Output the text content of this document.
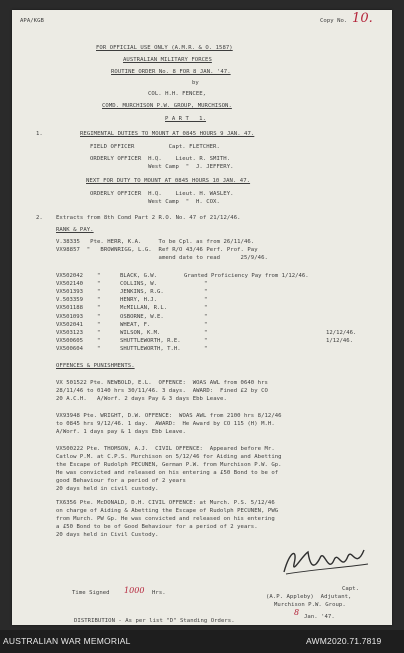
APA/KGB	Copy No. 10.
FOR OFFICIAL USE ONLY (A.M.R. & O. 1587)
AUSTRALIAN MILITARY FORCES
ROUTINE ORDER No. 8 FOR 8 JAN. '47.
by
COL. H.H. FENCEE,
COMD. MURCHISON P.W. GROUP, MURCHISON.
P A R T   1.
1.	REGIMENTAL DUTIES TO MOUNT AT 0845 HOURS 9 JAN. 47.
FIELD OFFICER          Capt. FLETCHER.
ORDERLY OFFICER  H.Q.    Lieut. R. SMITH.
West Camp  "  J. JEFFERY.
NEXT FOR DUTY TO MOUNT AT 0845 HOURS 10 JAN. 47.
ORDERLY OFFICER  H.Q.    Lieut. H. WASLEY.
West Camp  "  H. COX.
2. Extracts from 8th Comd Part 2 R.O. No. 47 of 21/12/46.
RANK & PAY.
V.38335   Pte. HERR, K.A.     To be Cpl. as from 26/11/46.
VX98857  "   BROWNRIGG, L.G.  Ref R/O 43/46 Perf. Prof. Pay
amend date to read      25/9/46.
VX502042	"	BLACK, G.W.	Granted Proficiency Pay from 1/12/46.
VX502140	"	COLLINS, W.	"
VX501393	"	JENKINS, R.G.	"
V.503359	"	HENRY, H.J.	"
VX501188	"	McMILLAN, R.L.	"
VX501093	"	OSBORNE, W.E.	"
VX502041	"	WHEAT, F.	"
VX503123	"	WILSON, K.M.	"	12/12/46.
VX500605	"	SHUTTLEWORTH, R.E.	"	1/12/46.
VX500604	"	SHUTTLEWORTH, T.H.	"
OFFENCES & PUNISHMENTS.
VX 501522 Pte. NEWBOLD, E.L.  OFFENCE:  WOAS AWL from 0640 hrs
28/11/46 to 0140 hrs 30/11/46. 3 days.  AWARD:  Fined £2 by CO
20 A.C.H.   A/Worf. 2 days Pay & 3 days Ebb Leave.
VX93948 Pte. WRIGHT, D.W. OFFENCE:  WOAS AWL from 2100 hrs 8/12/46
to 0845 hrs 9/12/46. 1 day.  AWARD:  He Award by CO 115 (H) M.H.
A/Worf. 1 days pay & 1 days Ebb Leave.
VX500222 Pte. THOMSON, A.J.  CIVIL OFFENCE:  Appeared before Mr.
Catlow P.M. at C.P.S. Murchison on 5/12/46 for Aiding and Abetting
the Escape of Rudolph PECUNEN, German P.W. from Murchison P.W. Gp.
He was convicted and released on his entering a £50 Bond to be of
good Behaviour for a period of 2 years
20 days held in civil custody.
TX6356 Pte. McDONALD, D.H. CIVIL OFFENCE: at Murch. P.S. 5/12/46
on charge of Aiding & Abetting the Escape of Rudolph PECUNEN, PWG
from Murch. PW Gp. He was convicted and released on his entering
a £50 Bond to be of Good Behaviour for a period of 2 years.
20 days held in Civil Custody.
Time Signed 1000 Hrs.
Capt.
(A.P. Appleby)  Adjutant,
Murchison P.W. Group.
8 Jan. '47.
DISTRIBUTION - As per list "D" Standing Orders.
AUSTRALIAN WAR MEMORIAL	AWM2020.71.7819
